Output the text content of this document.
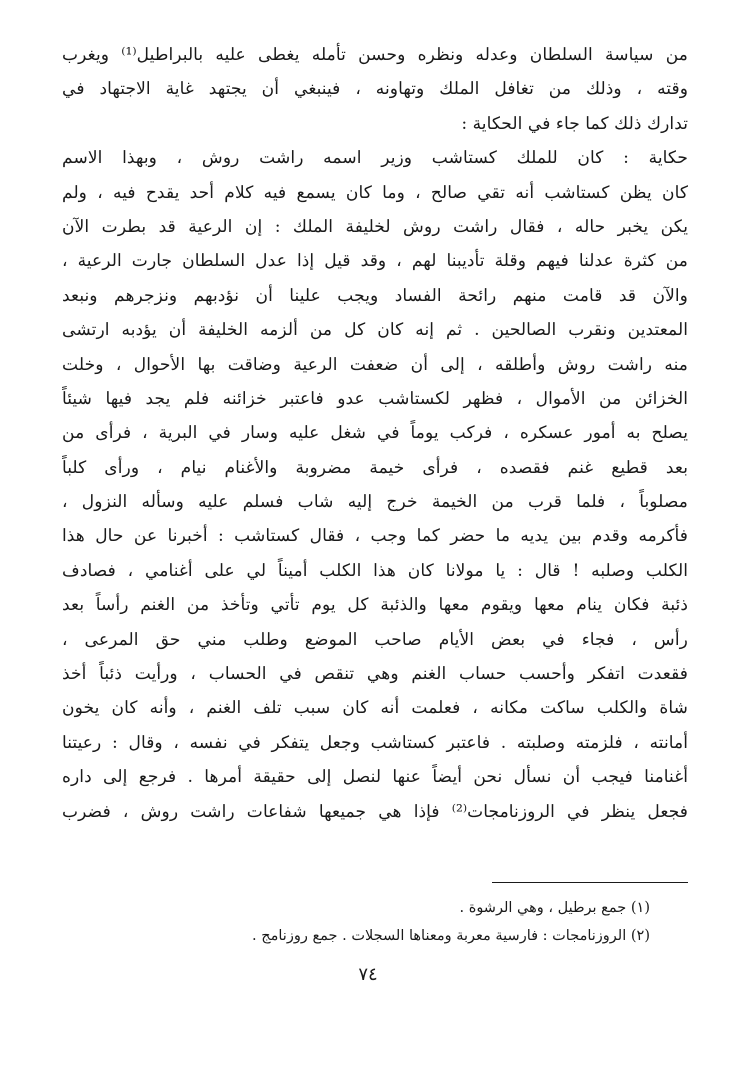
من سياسة السلطان وعدله ونظره وحسن تأمله يغطى عليه بالبراطيل⁽¹⁾ ويغرب
وقته ، وذلك من تغافل الملك وتهاونه ، فينبغي أن يجتهد غاية الاجتهاد في
تدارك ذلك كما جاء في الحكاية :
حكاية : كان للملك كستاشب وزير اسمه راشت روش ، وبهذا الاسم
كان يظن كستاشب أنه تقي صالح ، وما كان يسمع فيه كلام أحد يقدح فيه ، ولم
يكن يخبر حاله ، فقال راشت روش لخليفة الملك : إن الرعية قد بطرت الآن
من كثرة عدلنا فيهم وقلة تأديبنا لهم ، وقد قيل إذا عدل السلطان جارت الرعية ،
والآن قد قامت منهم رائحة الفساد ويجب علينا أن نؤدبهم ونزجرهم ونبعد
المعتدين ونقرب الصالحين . ثم إنه كان كل من ألزمه الخليفة أن يؤدبه ارتشى
منه راشت روش وأطلقه ، إلى أن ضعفت الرعية وضاقت بها الأحوال ، وخلت
الخزائن من الأموال ، فظهر لكستاشب عدو فاعتبر خزائنه فلم يجد فيها شيئاً
يصلح به أمور عسكره ، فركب يوماً في شغل عليه وسار في البرية ، فرأى من
بعد قطيع غنم فقصده ، فرأى خيمة مضروبة والأغنام نيام ، ورأى كلباً
مصلوباً ، فلما قرب من الخيمة خرج إليه شاب فسلم عليه وسأله النزول ،
فأكرمه وقدم بين يديه ما حضر كما وجب ، فقال كستاشب : أخبرنا عن حال هذا
الكلب وصلبه ! قال : يا مولانا كان هذا الكلب أميناً لي على أغنامي ، فصادف
ذئبة فكان ينام معها ويقوم معها والذئبة كل يوم تأتي وتأخذ من الغنم رأساً بعد
رأس ، فجاء في بعض الأيام صاحب الموضع وطلب مني حق المرعى ،
فقعدت اتفكر وأحسب حساب الغنم وهي تنقص في الحساب ، ورأيت ذئباً أخذ
شاة والكلب ساكت مكانه ، فعلمت أنه كان سبب تلف الغنم ، وأنه كان يخون
أمانته ، فلزمته وصلبته . فاعتبر كستاشب وجعل يتفكر في نفسه ، وقال : رعيتنا
أغنامنا فيجب أن نسأل نحن أيضاً عنها لنصل إلى حقيقة أمرها . فرجع إلى داره
فجعل ينظر في الروزنامجات⁽²⁾ فإذا هي جميعها شفاعات راشت روش ، فضرب
(١) جمع برطيل ، وهي الرشوة .
(٢) الروزنامجات : فارسية معربة ومعناها السجلات . جمع روزنامج .
٧٤
